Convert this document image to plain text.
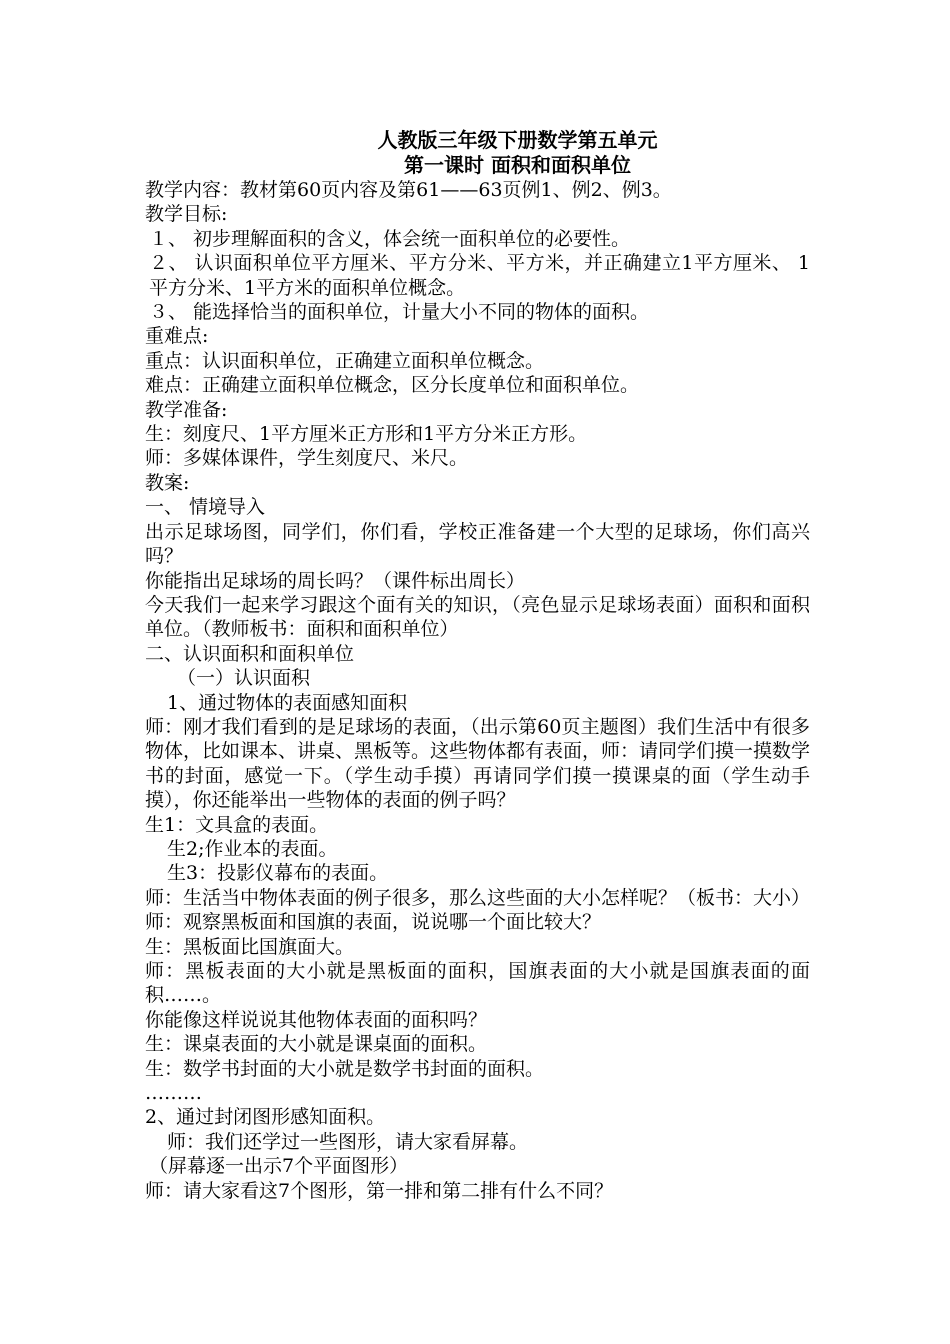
人教版三年级下册数学第五单元
第一课时 面积和面积单位

教学内容：教材第60页内容及第61——63页例1、例2、例3。

教学目标:

１、 初步理解面积的含义，体会统一面积单位的必要性。

２、 认识面积单位平方厘米、平方分米、平方米，并正确建立1平方厘米、 1平方分米、1平方米的面积单位概念。

３、 能选择恰当的面积单位，计量大小不同的物体的面积。

重难点:

重点：认识面积单位，正确建立面积单位概念。

难点：正确建立面积单位概念，区分长度单位和面积单位。

教学准备:

生：刻度尺、1平方厘米正方形和1平方分米正方形。

师：多媒体课件，学生刻度尺、米尺。

教案:

一、 情境导入

出示足球场图，同学们，你们看，学校正准备建一个大型的足球场，你们高兴吗？

你能指出足球场的周长吗？（课件标出周长）

今天我们一起来学习跟这个面有关的知识，（亮色显示足球场表面）面积和面积单位。（教师板书：面积和面积单位）

二、认识面积和面积单位

（一）认识面积

1、通过物体的表面感知面积

师：刚才我们看到的是足球场的表面，（出示第60页主题图）我们生活中有很多物体，比如课本、讲桌、黑板等。这些物体都有表面，师：请同学们摸一摸数学书的封面，感觉一下。（学生动手摸）再请同学们摸一摸课桌的面（学生动手摸），你还能举出一些物体的表面的例子吗？

生1：文具盒的表面。

生2;作业本的表面。

生3：投影仪幕布的表面。

师：生活当中物体表面的例子很多，那么这些面的大小怎样呢？（板书：大小）

师：观察黑板面和国旗的表面，说说哪一个面比较大？

生：黑板面比国旗面大。

师：黑板表面的大小就是黑板面的面积，国旗表面的大小就是国旗表面的面积……。

你能像这样说说其他物体表面的面积吗？

生：课桌表面的大小就是课桌面的面积。

生：数学书封面的大小就是数学书封面的面积。

………

2、通过封闭图形感知面积。

师：我们还学过一些图形，请大家看屏幕。

（屏幕逐一出示7个平面图形）

师：请大家看这7个图形，第一排和第二排有什么不同？
